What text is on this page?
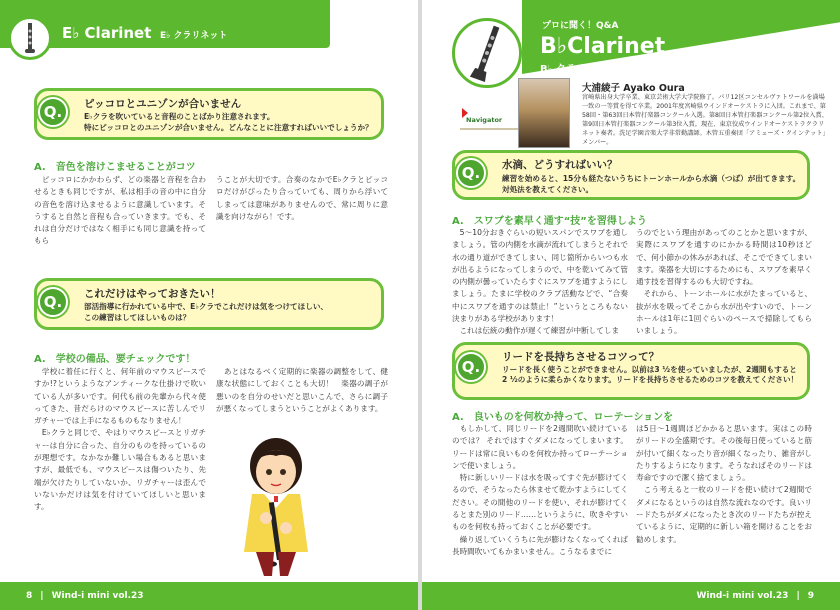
E♭ Clarinet E♭ クラリネット
Q.	ピッコロとユニゾンが合いません
E♭クラを吹いていると音程のことばかり注意されます。
特にピッコロとのユニゾンが合いません。どんなことに注意すればいいでしょうか？
A.　音色を溶けこませることがコツ
　ピッコロにかかわらず、どの楽器と音程を合わせるときも同じですが、私は相手の音の中に自分の音色を溶け込ませるように意識しています。そうすると自然と音程も合っていきます。でも、それは自分だけではなく相手にも同じ意識を持ってもら
うことが大切です。合奏のなかでE♭クラとピッコロだけがぴったり合っていても、周りから浮いてしまっては意味がありませんので、常に周りに意識を向けながら！です。
Q.	これだけはやっておきたい！
部活指導に行かれている中で、E♭クラでこれだけは気をつけてほしい、
この練習はしてほしいものは？
A.　学校の備品、要チェックです！
　学校に着任に行くと、何年前のマウスピースですか!?というようなアンティークな仕掛けで吹いている人が多いです。何代も前の先輩から代々使ってきた、昔だらけのマウスピースに苦しんでリガチャーでは上手になるものもなりません！
　E♭クラと同じで、やはりマウスピースとリガチャーは自分に合った、自分のものを持っているのが理想です。なかなか難しい場合もあると思いますが、最低でも、マウスピースは傷ついたり、先端が欠けたりしていないか、リガチャーは歪んでいないかだけは気を付けていてほしいと思います。
　あとはなるべく定期的に楽器の調整をして、健康な状態にしておくことも大切！　楽器の調子が悪いのを自分のせいだと思いこんで、さらに調子が悪くなってしまうということがよくあります。
8 | Wind-i mini vol.23
プロに聞く！Q&A
B♭Clarinet
B♭ クラリネット
Navigator
大浦綾子 Ayako Oura
宮崎県出身大学卒業、東京芸術大学大学院修了。パリ12区コンセルヴァトワールを満場一致の一等賞を得て卒業。2001年度宮崎県ウインドオーケストラに入団。これまで、第58回・第63回日本管打楽器コンクール入選。第8回日本管打楽器コンクール第2位入賞、第9回日本管打楽器コンクール第3位入賞。現在、東京佼成ウインドオーケストラクラリネット奏者。洗足学園音楽大学非常勤講師。木管五重奏団「アミューズ・クインテット」メンバー。
Q.	水滴、どうすればいい？
練習を始めると、15分も経たないうちにトーンホールから水滴（つば）が出てきます。
対処法を教えてください。
A.　スワブを素早く通す“技”を習得しよう
　5～10分おきぐらいの短いスパンでスワブを通しましょう。管の内側を水滴が流れてしまうとそれで水の通り道ができてしまい、同じ箇所からいつも水が出るようになってしまうので、中を乾いてみて管の内側が曇っていたらすぐにスワブを通すようにしましょう。たまに学校のクラブ活動などで、“合奏中にスワブを通すのは禁止！”というところもない決まりがある学校があります！
　これは伝統の動作が遅くて練習が中断してしま
うのでという理由があってのことかと思いますが、実際にスワブを通すのにかかる時間は10秒ほどで、何小節かの休みがあれば、そこでできてしまいます。楽器を大切にするためにも、スワブを素早く通す技を習得するのも大切ですね。
　それから、トーンホールに水がたまっていると、抜が水を吸ってそこから水が出やすいので、トーンホールは1年に1回ぐらいのペースで掃除してもらいましょう。
Q.
リードを長持ちさせるコツって？
リードを長く使うことができません。以前は3 ½を使っていましたが、2週間もすると2 ½のように柔らかくなります。リードを長持ちさせるためのコツを教えてください！
A.　良いものを何枚か持って、ローテーションを
　もしかして、同じリードを2週間吹い続けているのでは？ それではすぐダメになってしまいます。リードは常に良いものを何枚か持ってローテーションで使いましょう。
　特に新しいリードは水を吸ってすぐ先が膨けてくるので、そうなったら休ませて乾かすようにしてください。その間他のリードを使い、それが膨けてくるとまた別のリード……というように、吹きやすいものを何枚も持っておくことが必要です。
　繰り返していくうちに先が膨けなくなってくれば長時間吹いてもかまいません。こうなるまでに
は5日～1週間ほどかかると思います。実はこの時がリードの全盛期です。その後毎日使っていると筋が付いて細くなったり音が細くなったり、雑音がしたりするようになります。そうなればそのリードは寿命ですので潔く捨てましょう。
　こう考えると一枚のリードを使い続けて2週間でダメになるというのは自然な流れなのです。良いリードたちがダメになったとき次のリードたちが控えているように、定期的に新しい箱を開けることをお勧めします。
Wind-i mini vol.23 | 9
